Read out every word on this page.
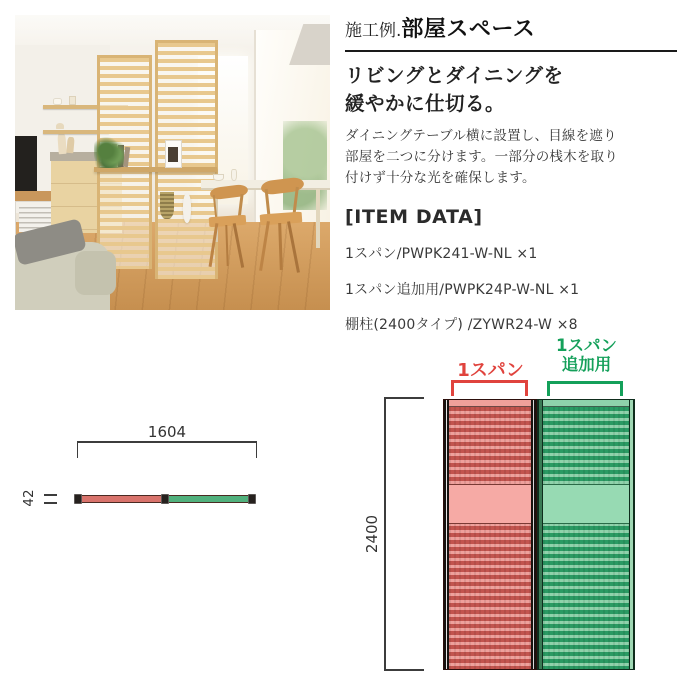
施工例.部屋スペース
リビングとダイニングを
緩やかに仕切る。
ダイニングテーブル横に設置し、目線を遮り
部屋を二つに分けます。一部分の桟木を取り
付けず十分な光を確保します。
[ITEM DATA]
1スパン/PWPK241-W-NL ×1
1スパン追加用/PWPK24P-W-NL ×1
棚柱(2400タイプ) /ZYWR24-W ×8
1604
42
1スパン
1スパン
追加用
2400
